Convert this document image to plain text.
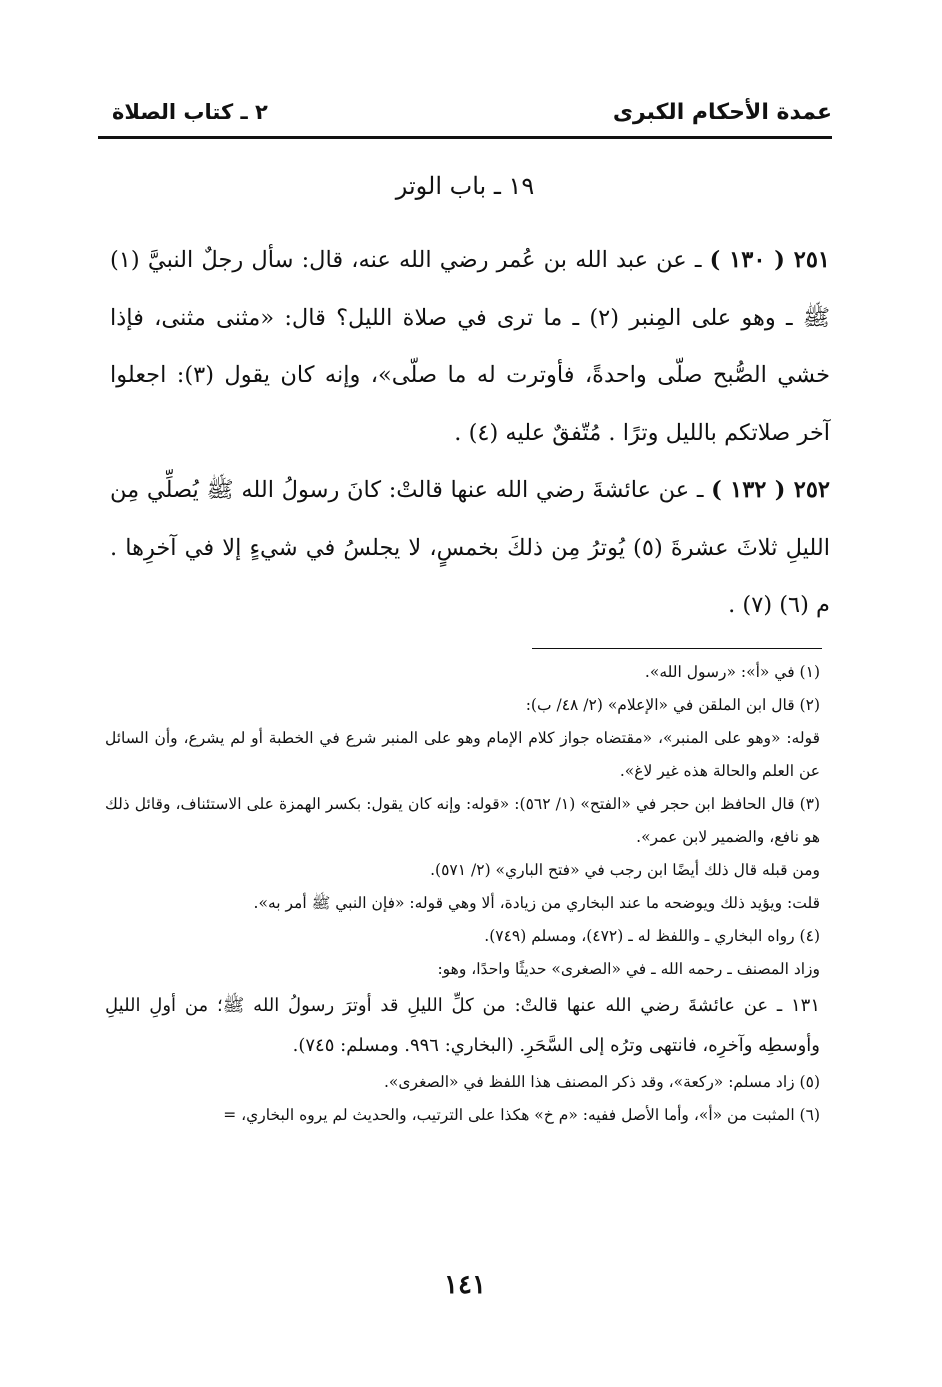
عمدة الأحكام الكبرى
٢ ـ كتاب الصلاة
١٩ ـ باب الوتر

٢٥١ ( ١٣٠ ) ـ عن عبد الله بن عُمر رضي الله عنه، قال: سأل رجلٌ النبيَّ (١) ﷺ ـ وهو على المِنبر (٢) ـ ما ترى في صلاة الليل؟ قال: «مثنى مثنى، فإذا خشي الصُّبح صلّى واحدةً، فأوترت له ما صلّى»، وإنه كان يقول (٣): اجعلوا آخر صلاتكم بالليل وترًا . مُتّفقٌ عليه (٤) .

٢٥٢ ( ١٣٢ ) ـ عن عائشةَ رضي الله عنها قالتْ: كانَ رسولُ الله ﷺ يُصلِّي مِن الليلِ ثلاثَ عشرةَ (٥) يُوترُ مِن ذلكَ بخمسٍ، لا يجلسُ في شيءٍ إلا في آخرِها . م (٦) (٧) .

(١) في «أ»: «رسول الله».

(٢) قال ابن الملقن في «الإعلام» (٢/ ٤٨/ ب):

قوله: «وهو على المنبر»، «مقتضاه جواز كلام الإمام وهو على المنبر شرع في الخطبة أو لم يشرع، وأن السائل عن العلم والحالة هذه غير لاغ».

(٣) قال الحافظ ابن حجر في «الفتح» (١/ ٥٦٢): «قوله: وإنه كان يقول: بكسر الهمزة على الاستئناف، وقائل ذلك هو نافع، والضمير لابن عمر».

ومن قبله قال ذلك أيضًا ابن رجب في «فتح الباري» (٢/ ٥٧١).

قلت: ويؤيد ذلك ويوضحه ما عند البخاري من زيادة، ألا وهي قوله: «فإن النبي ﷺ أمر به».

(٤) رواه البخاري ـ واللفظ له ـ (٤٧٢)، ومسلم (٧٤٩).

وزاد المصنف ـ رحمه الله ـ في «الصغرى» حديثًا واحدًا، وهو:

١٣١ ـ عن عائشةَ رضي الله عنها قالتْ: من كلِّ الليلِ قد أوترَ رسولُ الله ﷺ؛ من أولِ الليلِ وأوسطِه وآخرِه، فانتهى وترُه إلى السَّحَرِ. (البخاري: ٩٩٦. ومسلم: ٧٤٥).

(٥) زاد مسلم: «ركعة»، وقد ذكر المصنف هذا اللفظ في «الصغرى».

(٦) المثبت من «أ»، وأما الأصل ففيه: «م خ» هكذا على الترتيب، والحديث لم يروه البخاري، =

١٤١
